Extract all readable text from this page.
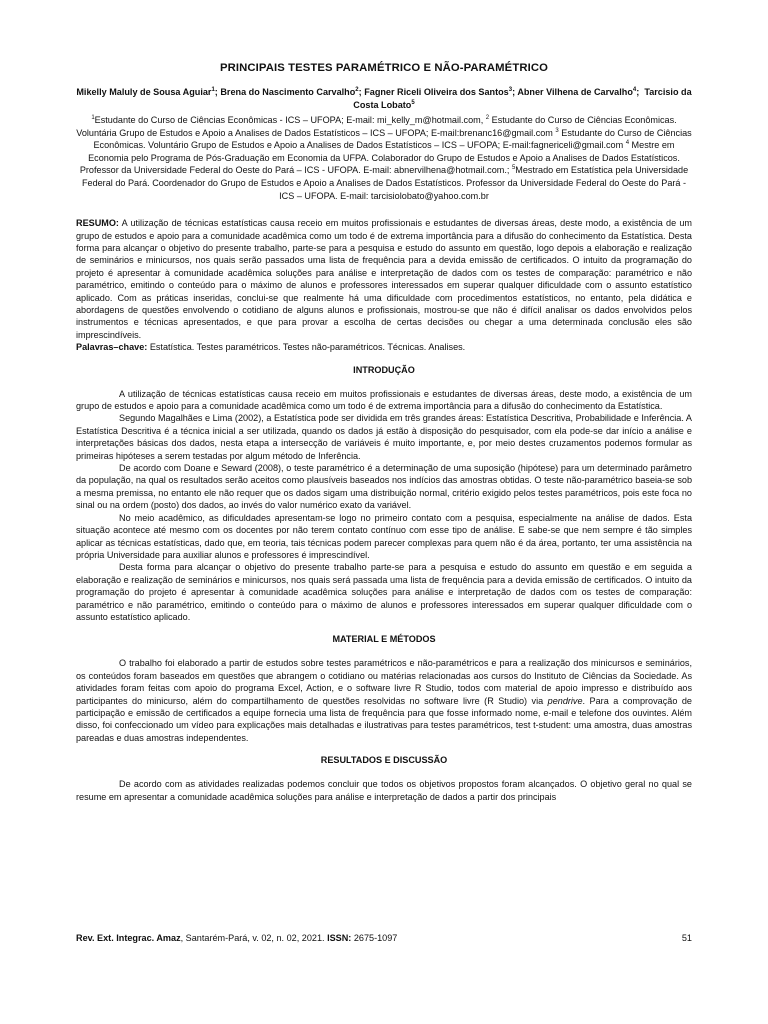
PRINCIPAIS TESTES PARAMÉTRICO E NÃO-PARAMÉTRICO
Mikelly Maluly de Sousa Aguiar$^1$; Brena do Nascimento Carvalho$^2$; Fagner Riceli Oliveira dos Santos$^3$; Abner Vilhena de Carvalho$^4$;  Tarcisio da Costa Lobato$^5$
$^1$Estudante do Curso de Ciências Econômicas - ICS – UFOPA; E-mail: mi_kelly_m@hotmail.com, $^2$ Estudante do Curso de Ciências Econômicas. Voluntária Grupo de Estudos e Apoio a Analises de Dados Estatísticos – ICS – UFOPA; E-mail:brenanc16@gmail.com $^3$ Estudante do Curso de Ciências Econômicas. Voluntário Grupo de Estudos e Apoio a Analises de Dados Estatísticos – ICS – UFOPA; E-mail:fagnericeli@gmail.com $^4$ Mestre em Economia pelo Programa de Pós-Graduação em Economia da UFPA. Colaborador do Grupo de Estudos e Apoio a Analises de Dados Estatísticos. Professor da Universidade Federal do Oeste do Pará – ICS - UFOPA. E-mail: abnervilhena@hotmail.com.; $^5$Mestrado em Estatística pela Universidade Federal do Pará. Coordenador do Grupo de Estudos e Apoio a Analises de Dados Estatísticos. Professor da Universidade Federal do Oeste do Pará - ICS – UFOPA. E-mail: tarcisiolobato@yahoo.com.br

RESUMO: A utilização de técnicas estatísticas causa receio em muitos profissionais e estudantes de diversas áreas, deste modo, a existência de um grupo de estudos e apoio para a comunidade acadêmica como um todo é de extrema importância para a difusão do conhecimento da Estatística. Desta forma para alcançar o objetivo do presente trabalho, parte-se para a pesquisa e estudo do assunto em questão, logo depois a elaboração e realização de seminários e minicursos, nos quais serão passados uma lista de frequência para a devida emissão de certificados. O intuito da programação do projeto é apresentar à comunidade acadêmica soluções para análise e interpretação de dados com os testes de comparação: paramétrico e não paramétrico, emitindo o conteúdo para o máximo de alunos e professores interessados em superar qualquer dificuldade com o assunto estatístico aplicado. Com as práticas inseridas, conclui-se que realmente há uma dificuldade com procedimentos estatísticos, no entanto, pela didática e abordagens de questões envolvendo o cotidiano de alguns alunos e profissionais, mostrou-se que não é difícil analisar os dados envolvidos pelos instrumentos e técnicas apresentados, e que para provar a escolha de certas decisões ou chegar a uma determinada conclusão eles são imprescindíveis.
Palavras–chave: Estatística. Testes paramétricos. Testes não-paramétricos. Técnicas. Analises.

INTRODUÇÃO

A utilização de técnicas estatísticas causa receio em muitos profissionais e estudantes de diversas áreas, deste modo, a existência de um grupo de estudos e apoio para a comunidade acadêmica como um todo é de extrema importância para a difusão do conhecimento da Estatística.

Segundo Magalhães e Lima (2002), a Estatística pode ser dividida em três grandes áreas: Estatística Descritiva, Probabilidade e Inferência. A Estatística Descritiva é a técnica inicial a ser utilizada, quando os dados já estão à disposição do pesquisador, com ela pode-se dar início a análise e interpretações básicas dos dados, nesta etapa a intersecção de variáveis é muito importante, e, por meio destes cruzamentos podemos formular as primeiras hipóteses a serem testadas por algum método de Inferência.

De acordo com Doane e Seward (2008), o teste paramétrico é a determinação de uma suposição (hipótese) para um determinado parâmetro da população, na qual os resultados serão aceitos como plausíveis baseados nos indícios das amostras obtidas. O teste não-paramétrico baseia-se sob a mesma premissa, no entanto ele não requer que os dados sigam uma distribuição normal, critério exigido pelos testes paramétricos, pois este foca no sinal ou na ordem (posto) dos dados, ao invés do valor numérico exato da variável.

No meio acadêmico, as dificuldades apresentam-se logo no primeiro contato com a pesquisa, especialmente na análise de dados. Esta situação acontece até mesmo com os docentes por não terem contato contínuo com esse tipo de análise. E sabe-se que nem sempre é tão simples aplicar as técnicas estatísticas, dado que, em teoria, tais técnicas podem parecer complexas para quem não é da área, portanto, ter uma assistência na própria Universidade para auxiliar alunos e professores é imprescindível.

Desta forma para alcançar o objetivo do presente trabalho parte-se para a pesquisa e estudo do assunto em questão e em seguida a elaboração e realização de seminários e minicursos, nos quais será passada uma lista de frequência para a devida emissão de certificados. O intuito da programação do projeto é apresentar à comunidade acadêmica soluções para análise e interpretação de dados com os testes de comparação: paramétrico e não paramétrico, emitindo o conteúdo para o máximo de alunos e professores interessados em superar qualquer dificuldade com o assunto estatístico aplicado.

MATERIAL E MÉTODOS

O trabalho foi elaborado a partir de estudos sobre testes paramétricos e não-paramétricos e para a realização dos minicursos e seminários, os conteúdos foram baseados em questões que abrangem o cotidiano ou matérias relacionadas aos cursos do Instituto de Ciências da Sociedade. As atividades foram feitas com apoio do programa Excel, Action, e o software livre R Studio, todos com material de apoio impresso e distribuído aos participantes do minicurso, além do compartilhamento de questões resolvidas no software livre (R Studio) via pendrive. Para a comprovação de participação e emissão de certificados a equipe fornecia uma lista de frequência para que fosse informado nome, e-mail e telefone dos ouvintes. Além disso, foi confeccionado um vídeo para explicações mais detalhadas e ilustrativas para testes paramétricos, test t-student: uma amostra, duas amostras pareadas e duas amostras independentes.

RESULTADOS E DISCUSSÃO

De acordo com as atividades realizadas podemos concluir que todos os objetivos propostos foram alcançados. O objetivo geral no qual se resume em apresentar a comunidade acadêmica soluções para análise e interpretação de dados a partir dos principais

Rev. Ext. Integrac. Amaz, Santarém-Pará, v. 02, n. 02, 2021. ISSN: 2675-1097	51
